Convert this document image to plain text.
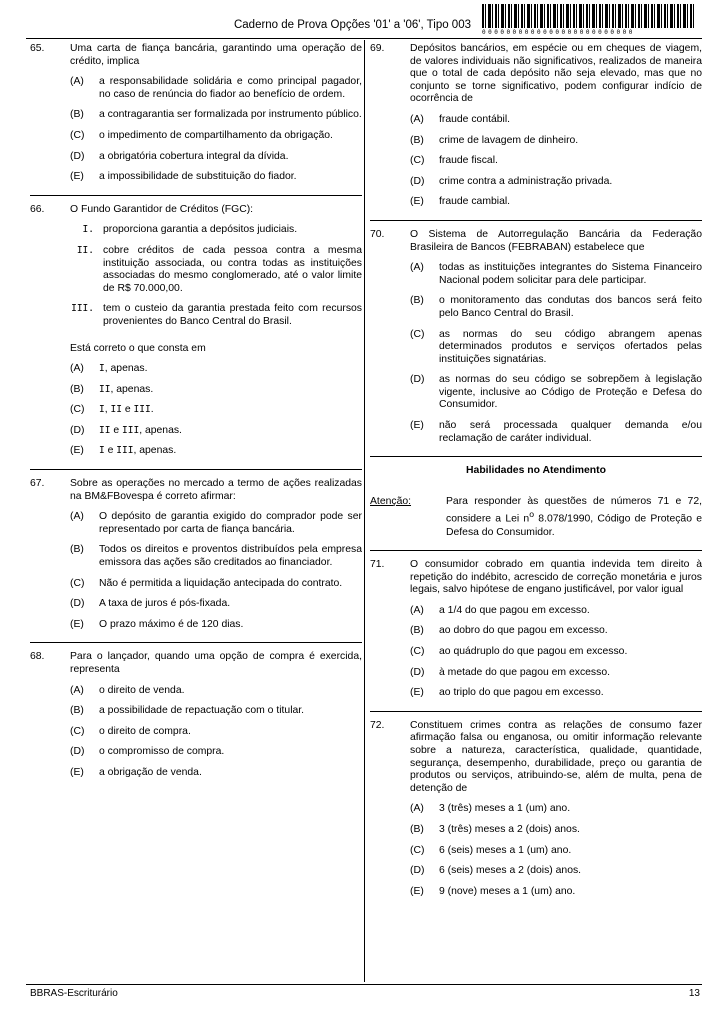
Caderno de Prova Opções '01' a '06', Tipo 003
0000000000000000000000000
65. Uma carta de fiança bancária, garantindo uma operação de crédito, implica
(A) a responsabilidade solidária e como principal pagador, no caso de renúncia do fiador ao benefício de ordem.
(B) a contragarantia ser formalizada por instrumento público.
(C) o impedimento de compartilhamento da obrigação.
(D) a obrigatória cobertura integral da dívida.
(E) a impossibilidade de substituição do fiador.
66. O Fundo Garantidor de Créditos (FGC):
I. proporciona garantia a depósitos judiciais.
II. cobre créditos de cada pessoa contra a mesma instituição associada, ou contra todas as instituições associadas do mesmo conglomerado, até o valor limite de R$ 70.000,00.
III. tem o custeio da garantia prestada feito com recursos provenientes do Banco Central do Brasil.
Está correto o que consta em
(A) I, apenas.
(B) II, apenas.
(C) I, II e III.
(D) II e III, apenas.
(E) I e III, apenas.
67. Sobre as operações no mercado a termo de ações realizadas na BM&FBovespa é correto afirmar:
(A) O depósito de garantia exigido do comprador pode ser representado por carta de fiança bancária.
(B) Todos os direitos e proventos distribuídos pela empresa emissora das ações são creditados ao financiador.
(C) Não é permitida a liquidação antecipada do contrato.
(D) A taxa de juros é pós-fixada.
(E) O prazo máximo é de 120 dias.
68. Para o lançador, quando uma opção de compra é exercida, representa
(A) o direito de venda.
(B) a possibilidade de repactuação com o titular.
(C) o direito de compra.
(D) o compromisso de compra.
(E) a obrigação de venda.
69. Depósitos bancários, em espécie ou em cheques de viagem, de valores individuais não significativos, realizados de maneira que o total de cada depósito não seja elevado, mas que no conjunto se torne significativo, podem configurar indício de ocorrência de
(A) fraude contábil.
(B) crime de lavagem de dinheiro.
(C) fraude fiscal.
(D) crime contra a administração privada.
(E) fraude cambial.
70. O Sistema de Autorregulação Bancária da Federação Brasileira de Bancos (FEBRABAN) estabelece que
(A) todas as instituições integrantes do Sistema Financeiro Nacional podem solicitar para dele participar.
(B) o monitoramento das condutas dos bancos será feito pelo Banco Central do Brasil.
(C) as normas do seu código abrangem apenas determinados produtos e serviços ofertados pelas instituições signatárias.
(D) as normas do seu código se sobrepõem à legislação vigente, inclusive ao Código de Proteção e Defesa do Consumidor.
(E) não será processada qualquer demanda e/ou reclamação de caráter individual.
Habilidades no Atendimento
Atenção:	Para responder às questões de números 71 e 72, considere a Lei $n^o$ 8.078/1990, Código de Proteção e Defesa do Consumidor.
71. O consumidor cobrado em quantia indevida tem direito à repetição do indébito, acrescido de correção monetária e juros legais, salvo hipótese de engano justificável, por valor igual
(A) a 1/4 do que pagou em excesso.
(B) ao dobro do que pagou em excesso.
(C) ao quádruplo do que pagou em excesso.
(D) à metade do que pagou em excesso.
(E) ao triplo do que pagou em excesso.
72. Constituem crimes contra as relações de consumo fazer afirmação falsa ou enganosa, ou omitir informação relevante sobre a natureza, característica, qualidade, quantidade, segurança, desempenho, durabilidade, preço ou garantia de produtos ou serviços, atribuindo-se, além de multa, pena de detenção de
(A) 3 (três) meses a 1 (um) ano.
(B) 3 (três) meses a 2 (dois) anos.
(C) 6 (seis) meses a 1 (um) ano.
(D) 6 (seis) meses a 2 (dois) anos.
(E) 9 (nove) meses a 1 (um) ano.
BBRAS-Escriturário	13
